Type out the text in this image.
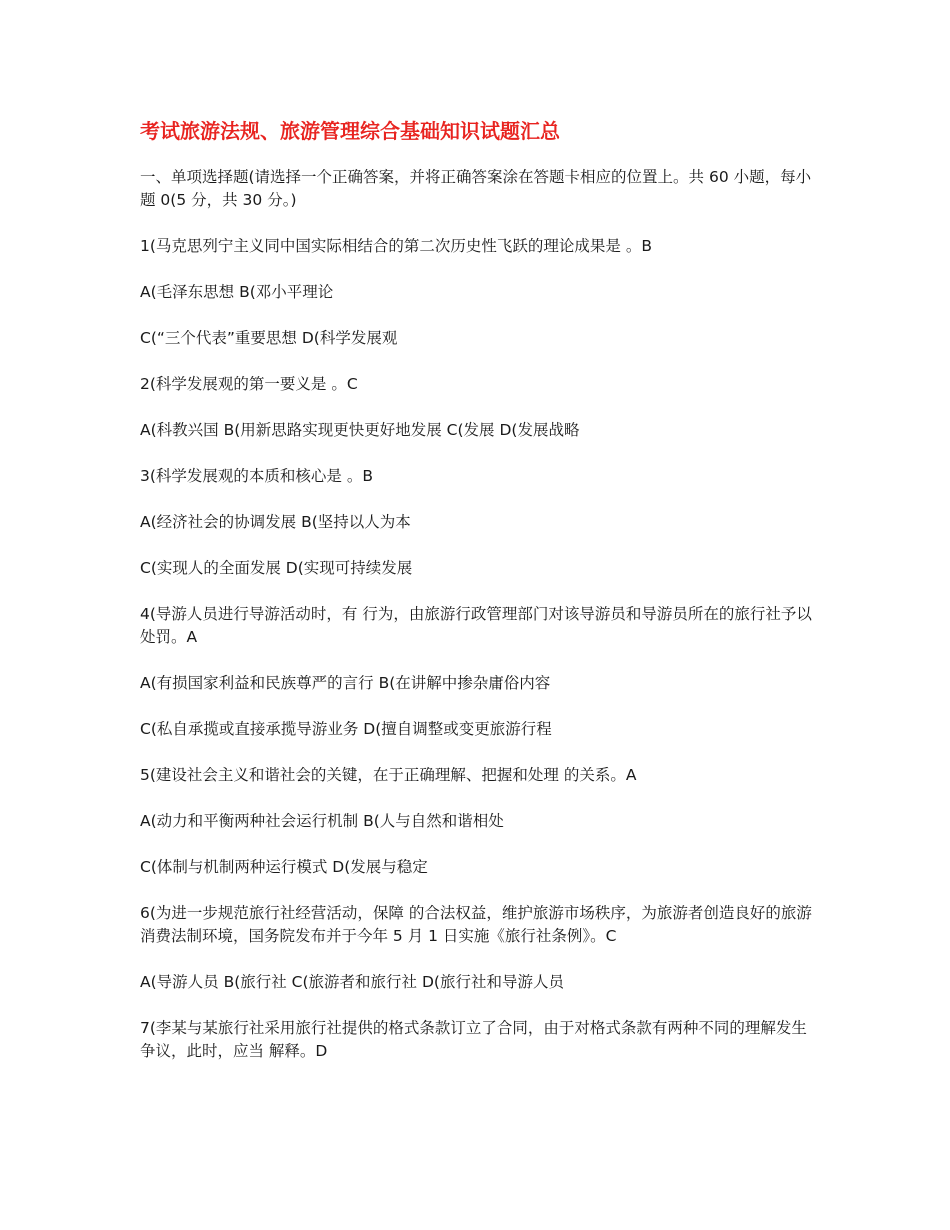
考试旅游法规、旅游管理综合基础知识试题汇总
一、单项选择题(请选择一个正确答案，并将正确答案涂在答题卡相应的位置上。共 60 小题，每小题 0(5 分，共 30 分。)
1(马克思列宁主义同中国实际相结合的第二次历史性飞跃的理论成果是 。B
A(毛泽东思想 B(邓小平理论
C(“三个代表”重要思想 D(科学发展观
2(科学发展观的第一要义是 。C
A(科教兴国 B(用新思路实现更快更好地发展 C(发展 D(发展战略
3(科学发展观的本质和核心是 。B
A(经济社会的协调发展 B(坚持以人为本
C(实现人的全面发展 D(实现可持续发展
4(导游人员进行导游活动时，有 行为，由旅游行政管理部门对该导游员和导游员所在的旅行社予以处罚。A
A(有损国家利益和民族尊严的言行 B(在讲解中掺杂庸俗内容
C(私自承揽或直接承揽导游业务 D(擅自调整或变更旅游行程
5(建设社会主义和谐社会的关键，在于正确理解、把握和处理 的关系。A
A(动力和平衡两种社会运行机制 B(人与自然和谐相处
C(体制与机制两种运行模式 D(发展与稳定
6(为进一步规范旅行社经营活动，保障 的合法权益，维护旅游市场秩序，为旅游者创造良好的旅游消费法制环境，国务院发布并于今年 5 月 1 日实施《旅行社条例》。C
A(导游人员 B(旅行社 C(旅游者和旅行社 D(旅行社和导游人员
7(李某与某旅行社采用旅行社提供的格式条款订立了合同，由于对格式条款有两种不同的理解发生争议，此时，应当 解释。D
